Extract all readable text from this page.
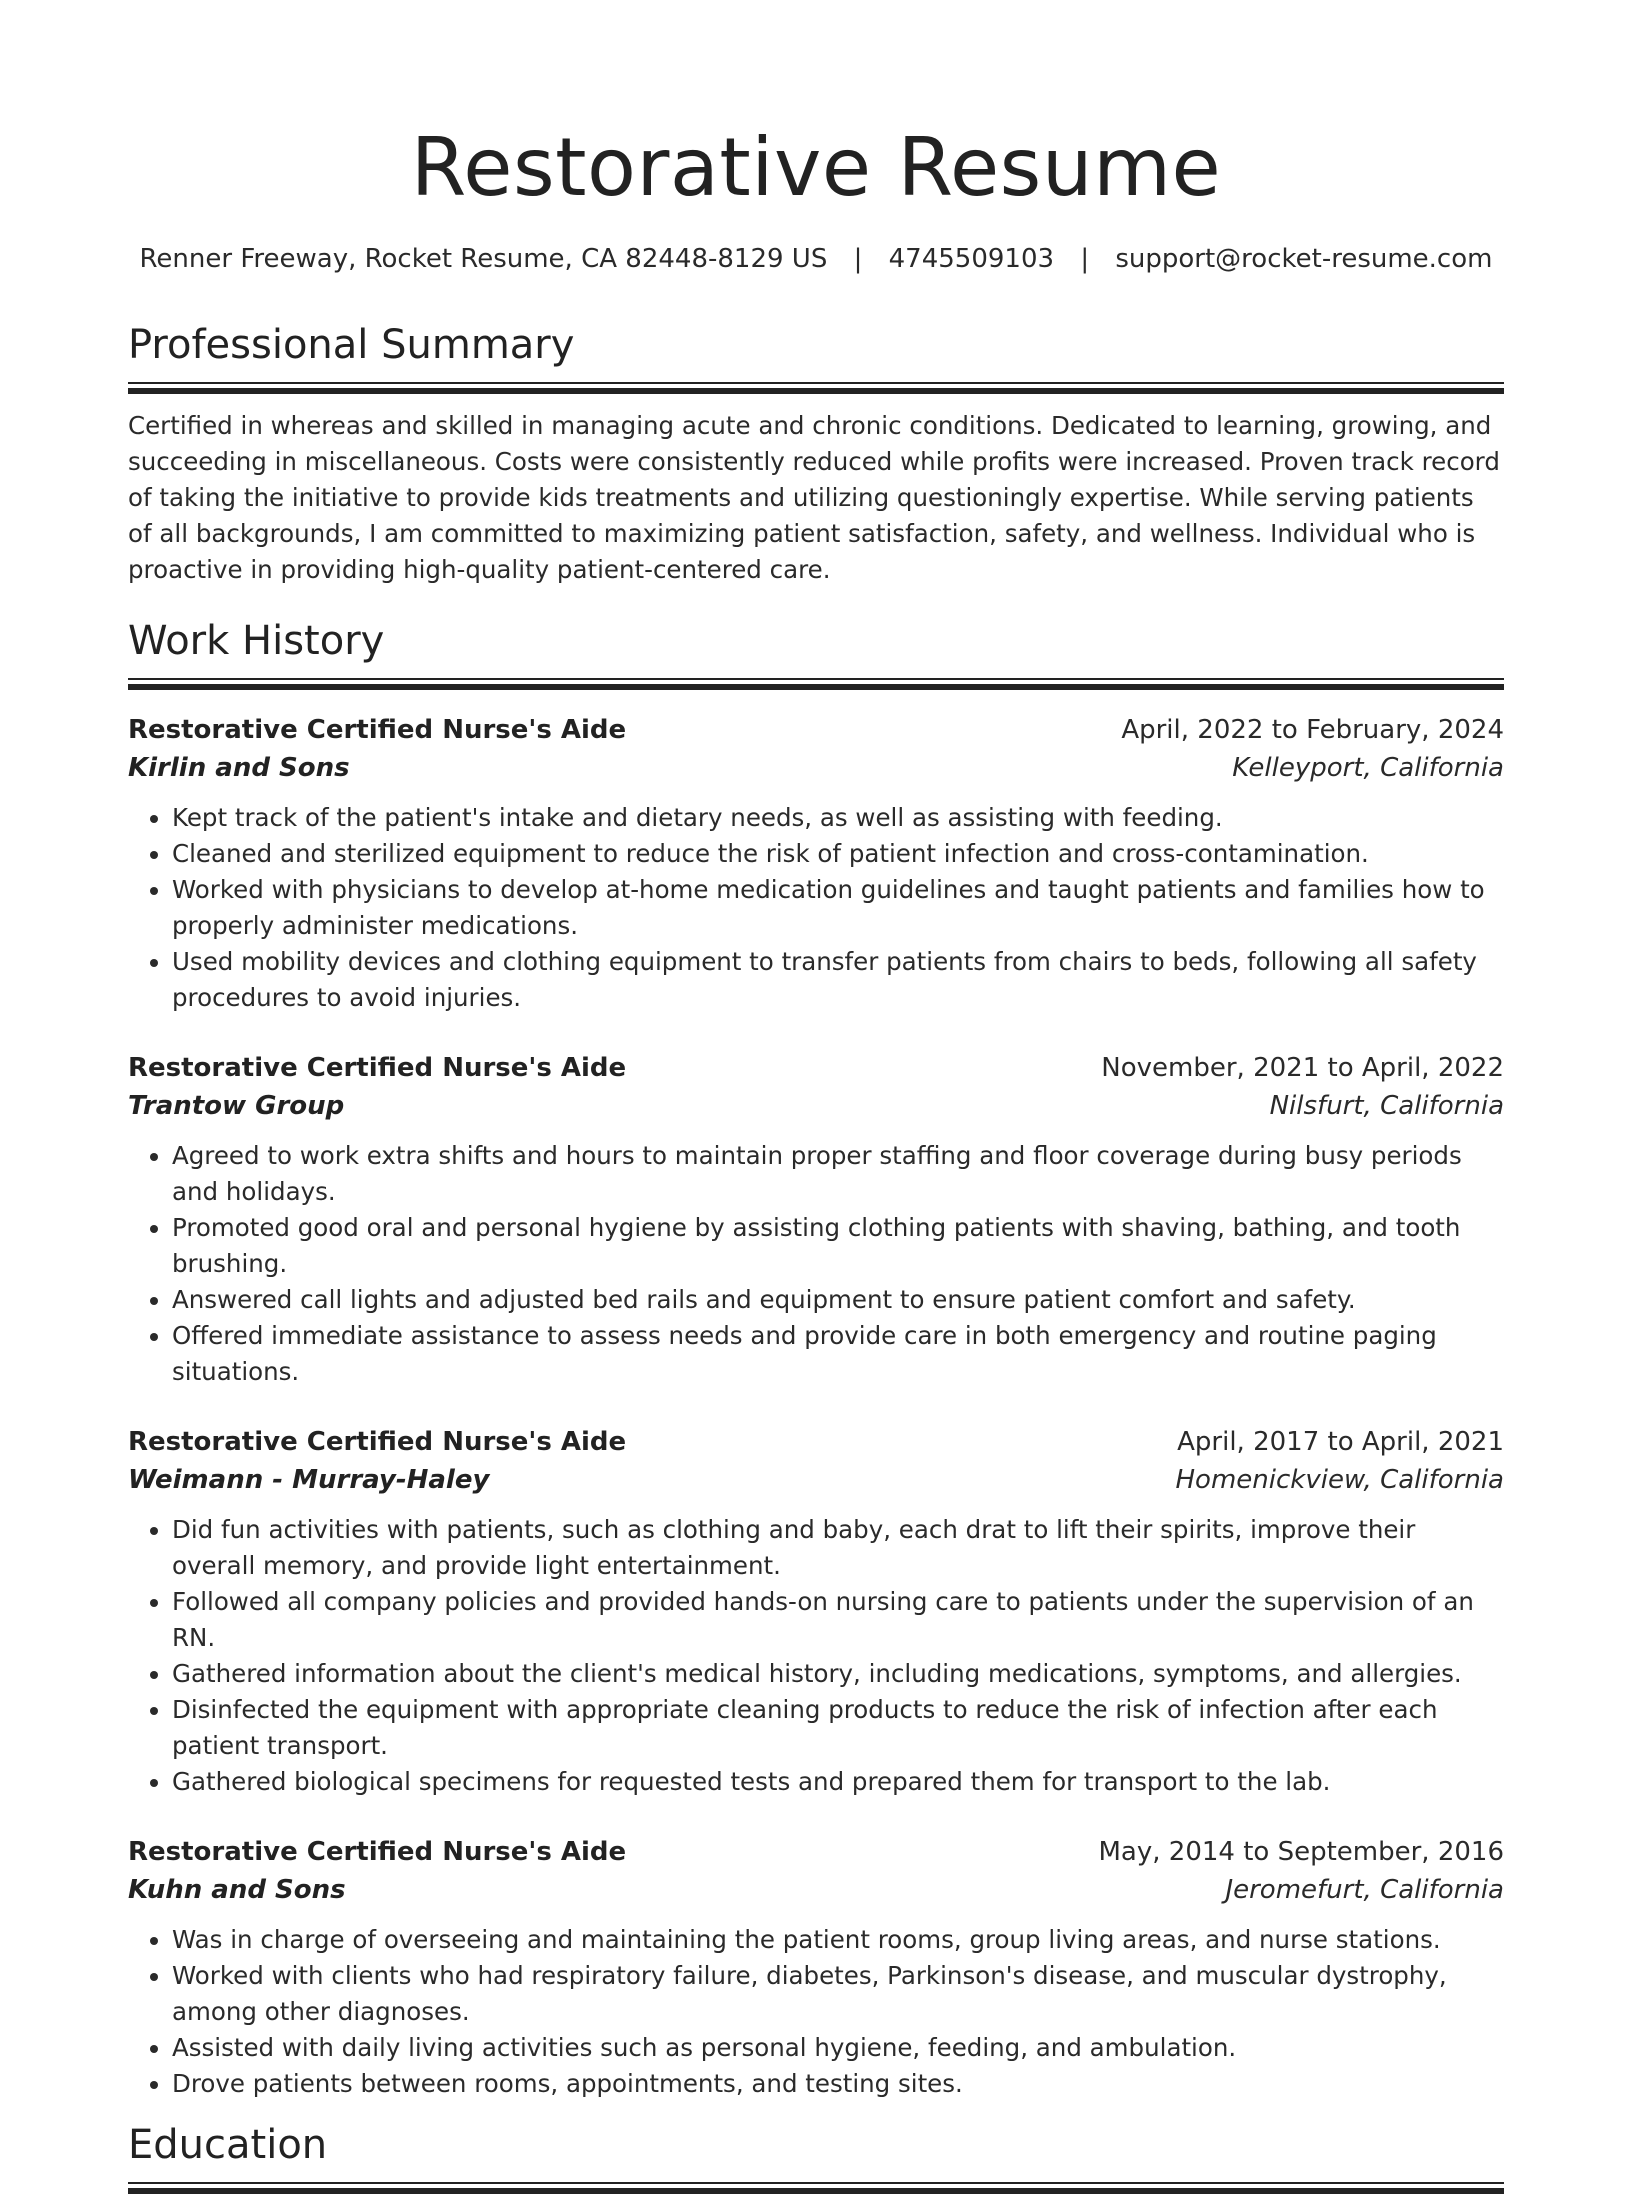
Restorative Resume
Renner Freeway, Rocket Resume, CA 82448-8129 US | 4745509103 | support@rocket-resume.com
Professional Summary

Certified in whereas and skilled in managing acute and chronic conditions. Dedicated to learning, growing, and succeeding in miscellaneous. Costs were consistently reduced while profits were increased. Proven track record of taking the initiative to provide kids treatments and utilizing questioningly expertise. While serving patients of all backgrounds, I am committed to maximizing patient satisfaction, safety, and wellness. Individual who is proactive in providing high-quality patient-centered care.

Work History
Restorative Certified Nurse's Aide	April, 2022 to February, 2024
Kirlin and Sons	Kelleyport, California
• Kept track of the patient's intake and dietary needs, as well as assisting with feeding.
• Cleaned and sterilized equipment to reduce the risk of patient infection and cross-contamination.
• Worked with physicians to develop at-home medication guidelines and taught patients and families how to properly administer medications.
• Used mobility devices and clothing equipment to transfer patients from chairs to beds, following all safety procedures to avoid injuries.
Restorative Certified Nurse's Aide	November, 2021 to April, 2022
Trantow Group	Nilsfurt, California
• Agreed to work extra shifts and hours to maintain proper staffing and floor coverage during busy periods and holidays.
• Promoted good oral and personal hygiene by assisting clothing patients with shaving, bathing, and tooth brushing.
• Answered call lights and adjusted bed rails and equipment to ensure patient comfort and safety.
• Offered immediate assistance to assess needs and provide care in both emergency and routine paging situations.
Restorative Certified Nurse's Aide	April, 2017 to April, 2021
Weimann - Murray-Haley	Homenickview, California
• Did fun activities with patients, such as clothing and baby, each drat to lift their spirits, improve their overall memory, and provide light entertainment.
• Followed all company policies and provided hands-on nursing care to patients under the supervision of an RN.
• Gathered information about the client's medical history, including medications, symptoms, and allergies.
• Disinfected the equipment with appropriate cleaning products to reduce the risk of infection after each patient transport.
• Gathered biological specimens for requested tests and prepared them for transport to the lab.
Restorative Certified Nurse's Aide	May, 2014 to September, 2016
Kuhn and Sons	Jeromefurt, California
• Was in charge of overseeing and maintaining the patient rooms, group living areas, and nurse stations.
• Worked with clients who had respiratory failure, diabetes, Parkinson's disease, and muscular dystrophy, among other diagnoses.
• Assisted with daily living activities such as personal hygiene, feeding, and ambulation.
• Drove patients between rooms, appointments, and testing sites.
Education
